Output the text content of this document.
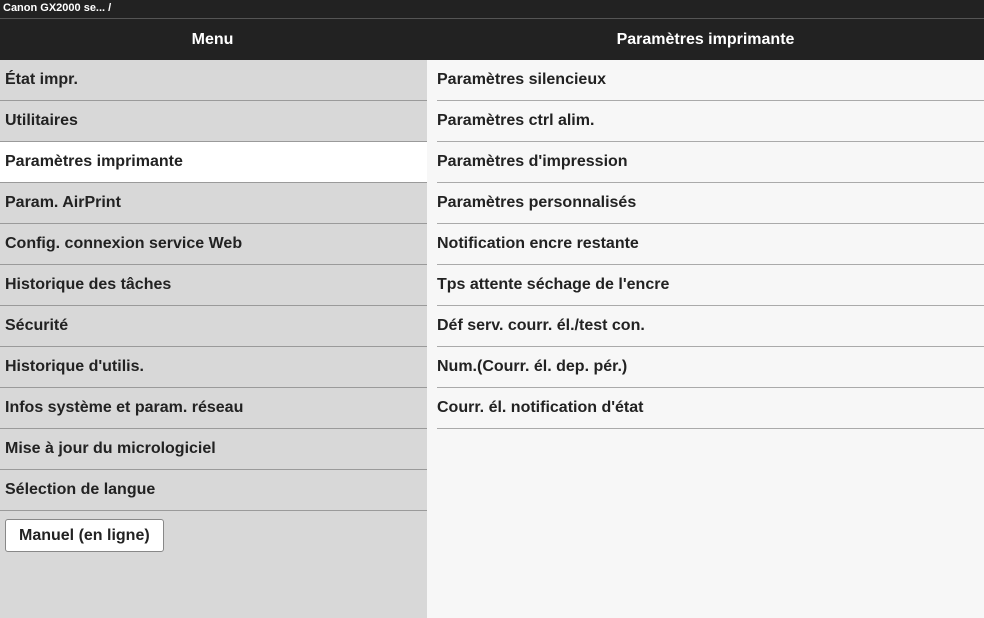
Canon GX2000 se... /
Menu	Paramètres imprimante
État impr.
Utilitaires
Paramètres imprimante
Param. AirPrint
Config. connexion service Web
Historique des tâches
Sécurité
Historique d'utilis.
Infos système et param. réseau
Mise à jour du micrologiciel
Sélection de langue
Manuel (en ligne)
Paramètres silencieux
Paramètres ctrl alim.
Paramètres d'impression
Paramètres personnalisés
Notification encre restante
Tps attente séchage de l'encre
Déf serv. courr. él./test con.
Num.(Courr. él. dep. pér.)
Courr. él. notification d'état
